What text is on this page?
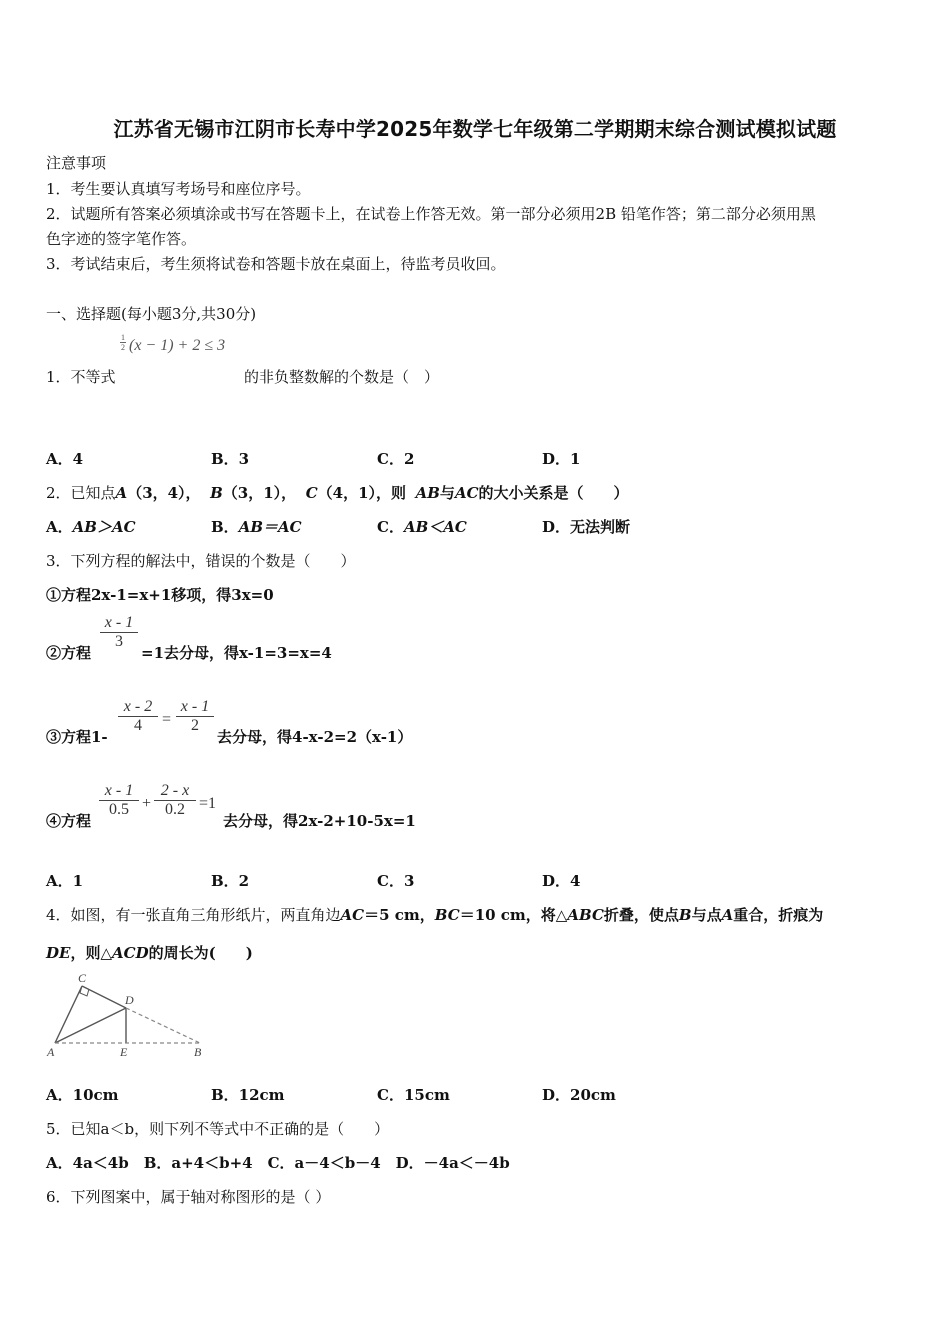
江苏省无锡市江阴市长寿中学2025年数学七年级第二学期期末综合测试模拟试题
注意事项
1．考生要认真填写考场号和座位序号。
2．试题所有答案必须填涂或书写在答题卡上，在试卷上作答无效。第一部分必须用2B 铅笔作答；第二部分必须用黑
色字迹的签字笔作答。
3．考试结束后，考生须将试卷和答题卡放在桌面上，待监考员收回。
一、选择题(每小题3分,共30分)
1．不等式
1
2 (x − 1) + 2 ≤ 3
的非负整数解的个数是（　）
A．4	B．3	C．2	D．1
2．已知点A（3，4）， B（3，1）， C（4，1），则 AB与AC的大小关系是（　　）
A．AB＞AC	B．AB＝AC	C．AB＜AC	D．无法判断
3．下列方程的解法中，错误的个数是（　　）
①方程2x-1=x+1移项，得3x=0
②方程
x - 1
3
=1去分母，得x-1=3=x=4
③方程1-
x - 2
4	=
x - 1
2
去分母，得4-x-2=2（x-1）
④方程
x - 1
0.5 +
2 - x
0.2 =1
去分母，得2x-2+10-5x=1
A．1	B．2	C．3	D．4
4．如图，有一张直角三角形纸片，两直角边AC＝5 cm，BC＝10 cm，将△ABC折叠，使点B与点A重合，折痕为
DE，则△ACD的周长为(　　)
C
D
A	E	B
A．10cm	B．12cm	C．15cm	D．20cm
5．已知a＜b，则下列不等式中不正确的是（　　）
A．4a＜4b　B．a+4＜b+4　C．a－4＜b－4　D．－4a＜－4b
6．下列图案中，属于轴对称图形的是（ ）
